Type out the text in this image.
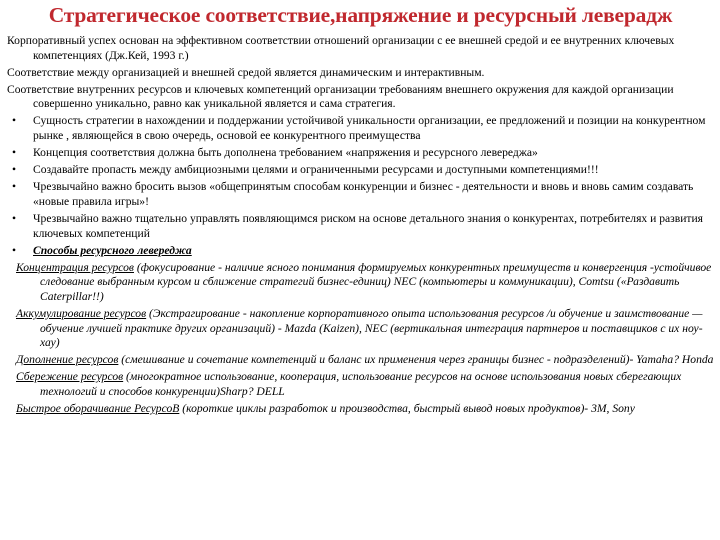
Стратегическое соответствие,напряжение и ресурсный леверадж
Корпоративный успех основан на эффективном соответствии отношений организации с ее внешней средой и ее внутренних ключевых компетенциях (Дж.Кей, 1993 г.)
Соответствие между организацией и внешней средой является динамическим и интерактивным.
Соответствие внутренних ресурсов и ключевых компетенций организации требованиям внешнего окружения для каждой организации совершенно уникально, равно как уникальной является и сама стратегия.
•	Сущность стратегии в нахождении и поддержании устойчивой уникальности организации, ее предложений и позиции на конкурентном рынке , являющейся в свою очередь, основой ее конкурентного преимущества
•	Концепция соответствия должна быть дополнена требованием «напряжения и ресурсного левереджа»
•	Создавайте пропасть между амбициозными целями и ограниченными ресурсами и доступными компетенциями!!!
•	Чрезвычайно важно бросить вызов «общепринятым способам конкуренции и бизнес - деятельности и вновь и вновь самим создавать «новые правила игры»!
•	Чрезвычайно важно тщательно управлять появляющимся риском на основе детального знания о конкурентах, потребителях и развития ключевых компетенций
•	Способы ресурсного левереджа
Концентрация ресурсов (фокусирование - наличие ясного понимания формируемых конкурентных преимуществ и конвергенция -устойчивое следование выбранным курсом и сближение стратегий бизнес-единиц) NEC (компьютеры и коммуникации), Comtsu («Раздавить Caterpillar!!)
Аккумулирование ресурсов (Экстрагирование - накопление корпоративного опыта использования ресурсов /и обучение и заимствование — обучение лучшей практике других организаций) - Mazda (Kaizen), NEC (вертикальная интеграция партнеров и поставщиков с их ноу-хау)
Дополнение ресурсов (смешивание и сочетание компетенций и баланс их применения через границы бизнес - подразделений)- Yamaha? Honda
Сбережение ресурсов (многократное использование, кооперация, использование ресурсов на основе использования новых сберегающих технологий и способов конкуренции)Sharp? DELL
Быстрое оборачивание РесурсоВ (короткие циклы разработок и производства, быстрый вывод новых продуктов)- 3M, Sony
